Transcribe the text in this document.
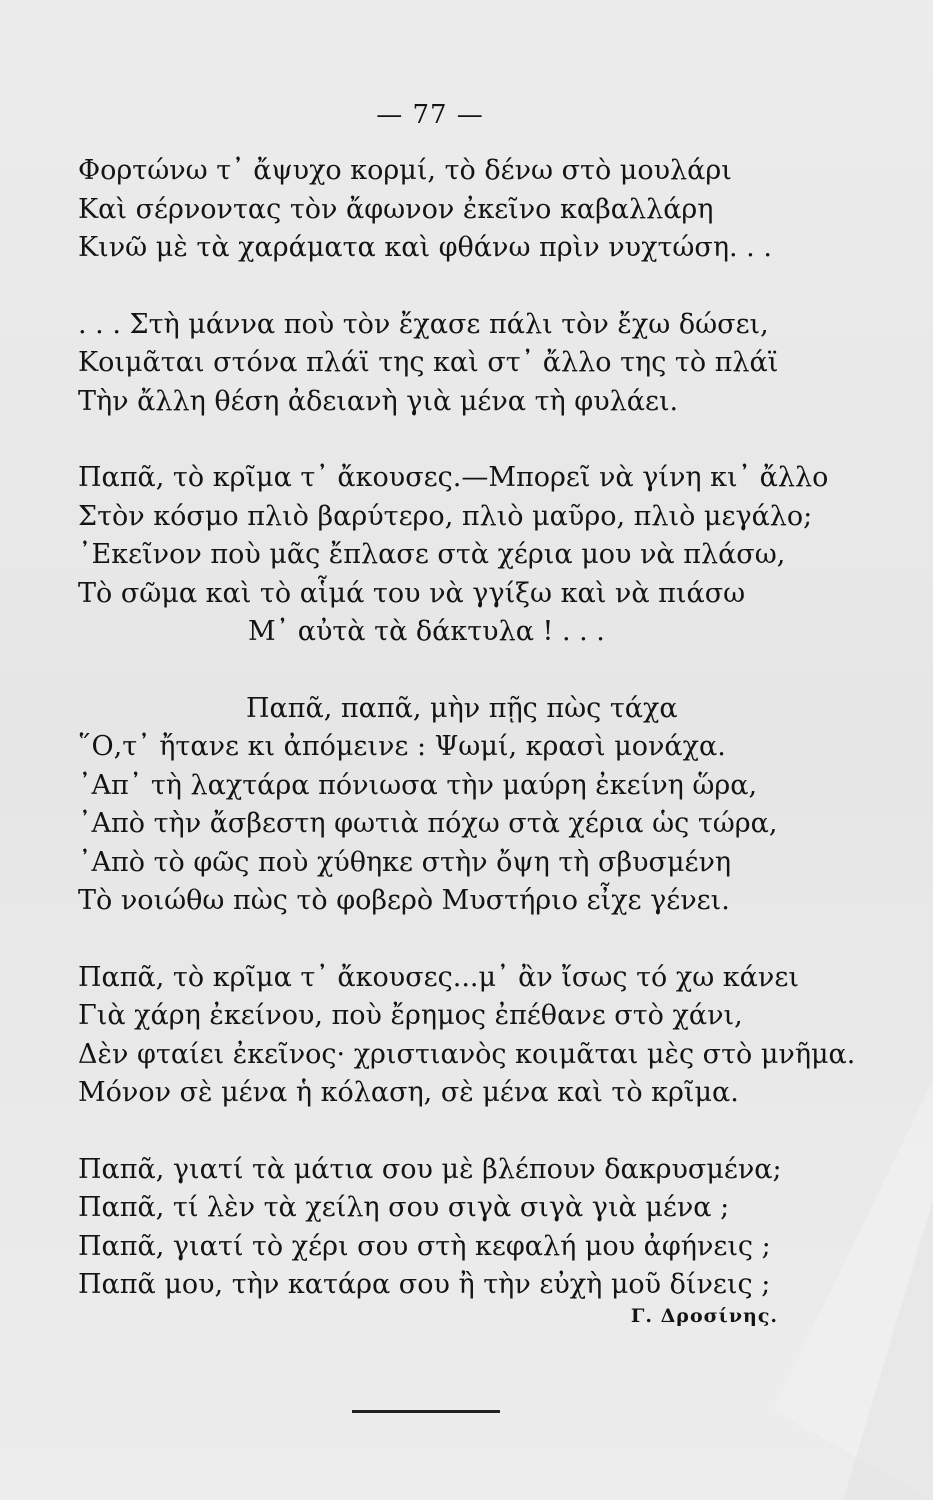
— 77 —
Φορτώνω τ᾽ ἄψυχο κορμί, τὸ δένω στὸ μουλάρι
Καὶ σέρνοντας τὸν ἄφωνον ἐκεῖνο καβαλλάρη
Κινῶ μὲ τὰ χαράματα καὶ φθάνω πρὶν νυχτώση. . .
. . . Στὴ μάννα ποὺ τὸν ἔχασε πάλι τὸν ἔχω δώσει,
Κοιμᾶται στόνα πλάϊ της καὶ στ᾽ ἄλλο της τὸ πλάϊ
Τὴν ἄλλη θέση ἀδειανὴ γιὰ μένα τὴ φυλάει.
Παπᾶ, τὸ κρῖμα τ᾽ ἄκουσες.—Μπορεῖ νὰ γίνη κι᾽ ἄλλο
Στὸν κόσμο πλιὸ βαρύτερο, πλιὸ μαῦρο, πλιὸ μεγάλο;
᾽Εκεῖνον ποὺ μᾶς ἔπλασε στὰ χέρια μου νὰ πλάσω,
Τὸ σῶμα καὶ τὸ αἷμά του νὰ γγίξω καὶ νὰ πιάσω
Μ᾽ αὐτὰ τὰ δάκτυλα ! . . .
Παπᾶ, παπᾶ, μὴν πῇς πὼς τάχα
῞Ο,τ᾽ ἤτανε κι ἀπόμεινε : Ψωμί, κρασὶ μονάχα.
᾽Απ᾽ τὴ λαχτάρα πόνιωσα τὴν μαύρη ἐκείνη ὥρα,
᾽Απὸ τὴν ἄσβεστη φωτιὰ πόχω στὰ χέρια ὡς τώρα,
᾽Απὸ τὸ φῶς ποὺ χύθηκε στὴν ὄψη τὴ σβυσμένη
Τὸ νοιώθω πὼς τὸ φοβερὸ Μυστήριο εἶχε γένει.
Παπᾶ, τὸ κρῖμα τ᾽ ἄκουσες...μ᾽ ἂν ἴσως τό χω κάνει
Γιὰ χάρη ἐκείνου, ποὺ ἔρημος ἐπέθανε στὸ χάνι,
Δὲν φταίει ἐκεῖνος· χριστιανὸς κοιμᾶται μὲς στὸ μνῆμα.
Μόνον σὲ μένα ἡ κόλαση, σὲ μένα καὶ τὸ κρῖμα.
Παπᾶ, γιατί τὰ μάτια σου μὲ βλέπουν δακρυσμένα;
Παπᾶ, τί λὲν τὰ χείλη σου σιγὰ σιγὰ γιὰ μένα ;
Παπᾶ, γιατί τὸ χέρι σου στὴ κεφαλή μου ἀφήνεις ;
Παπᾶ μου, τὴν κατάρα σου ἢ τὴν εὐχὴ μοῦ δίνεις ;
Γ. Δροσίνης.
